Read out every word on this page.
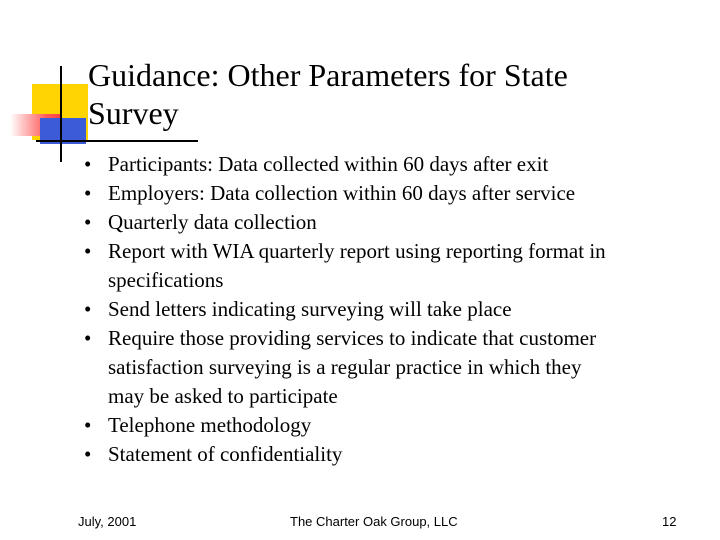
Guidance: Other Parameters for State
Survey
• Participants: Data collected within 60 days after exit
• Employers: Data collection within 60 days after service
• Quarterly data collection
• Report with WIA quarterly report using reporting format in
specifications
• Send letters indicating surveying will take place
• Require those providing services to indicate that customer
satisfaction surveying is a regular practice in which they
may be asked to participate
• Telephone methodology
• Statement of confidentiality
July, 2001	The Charter Oak Group, LLC	12
